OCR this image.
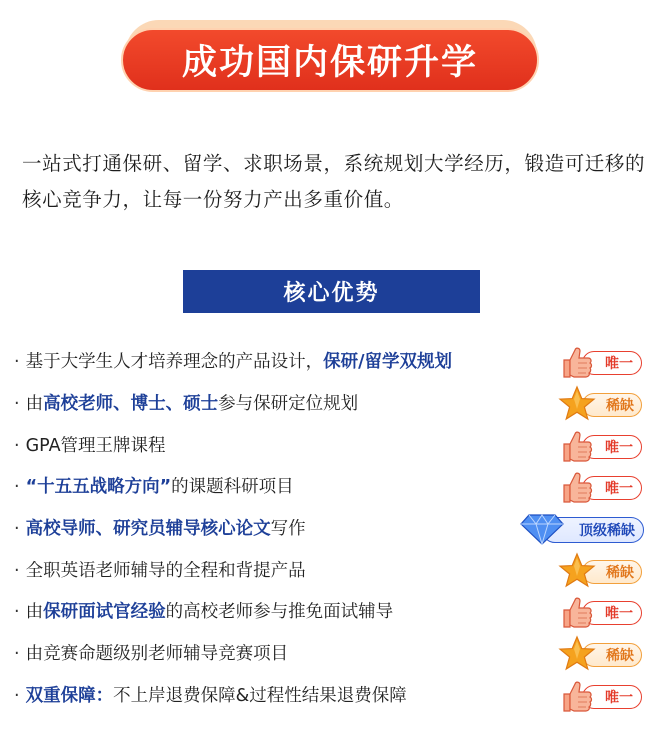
成功国内保研升学
一站式打通保研、留学、求职场景，系统规划大学经历，锻造可迁移的核心竞争力，让每一份努力产出多重价值。
核心优势
· 基于大学生人才培养理念的产品设计，保研/留学双规划	唯一
· 由高校老师、博士、硕士参与保研定位规划	稀缺
· GPA管理王牌课程	唯一
· “十五五战略方向”的课题科研项目	唯一
· 高校导师、研究员辅导核心论文写作	顶级稀缺
· 全职英语老师辅导的全程和背提产品	稀缺
· 由保研面试官经验的高校老师参与推免面试辅导	唯一
· 由竞赛命题级别老师辅导竞赛项目	稀缺
· 双重保障：不上岸退费保障&过程性结果退费保障	唯一
